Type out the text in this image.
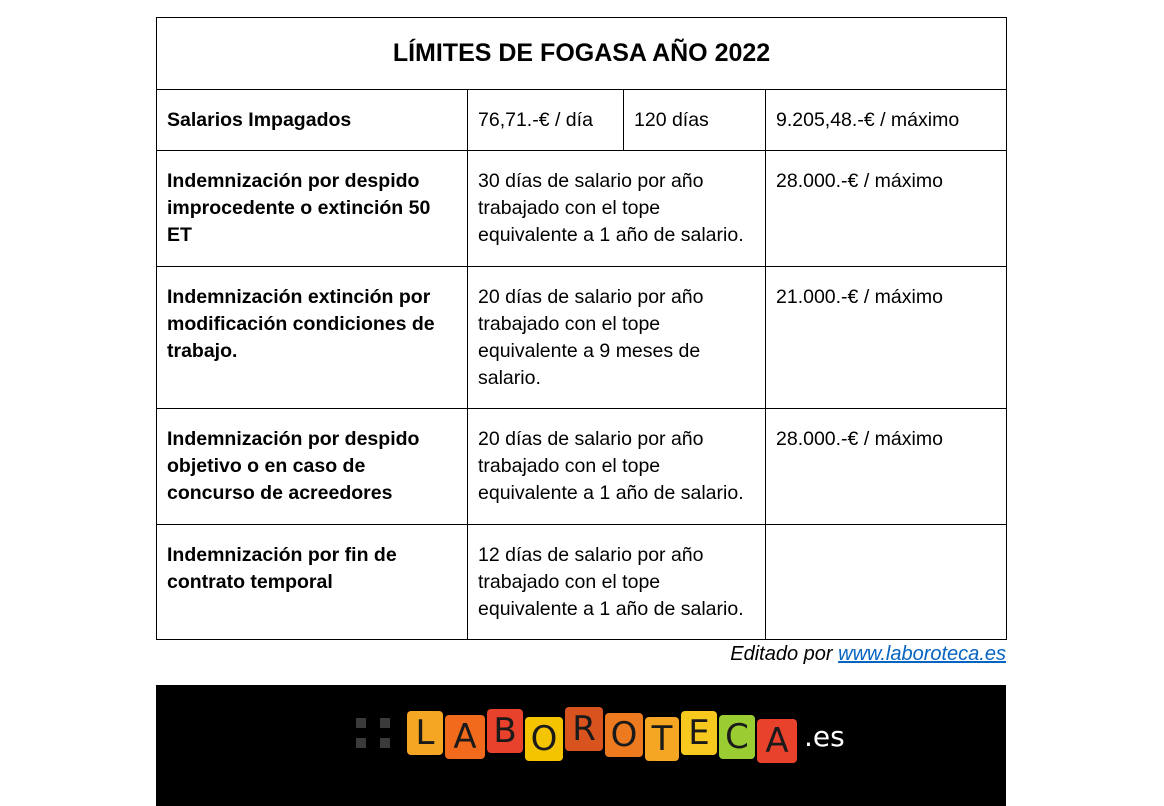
LÍMITES DE FOGASA AÑO 2022			
Salarios Impagados	76,71.-€ / día	120 días	9.205,48.-€ / máximo
Indemnización por despido improcedente o extinción 50 ET	30 días de salario por año trabajado con el tope equivalente a 1 año de salario.		28.000.-€ / máximo
Indemnización extinción por modificación condiciones de trabajo.	20 días de salario por año trabajado con el tope equivalente a 9 meses de salario.		21.000.-€ / máximo
Indemnización por despido objetivo o en caso de concurso de acreedores	20 días de salario por año trabajado con el tope equivalente a 1 año de salario.		28.000.-€ / máximo
Indemnización por fin de contrato temporal	12 días de salario por año trabajado con el tope equivalente a 1 año de salario.		
Editado por www.laboroteca.es
L A B O R O T E C A .es
